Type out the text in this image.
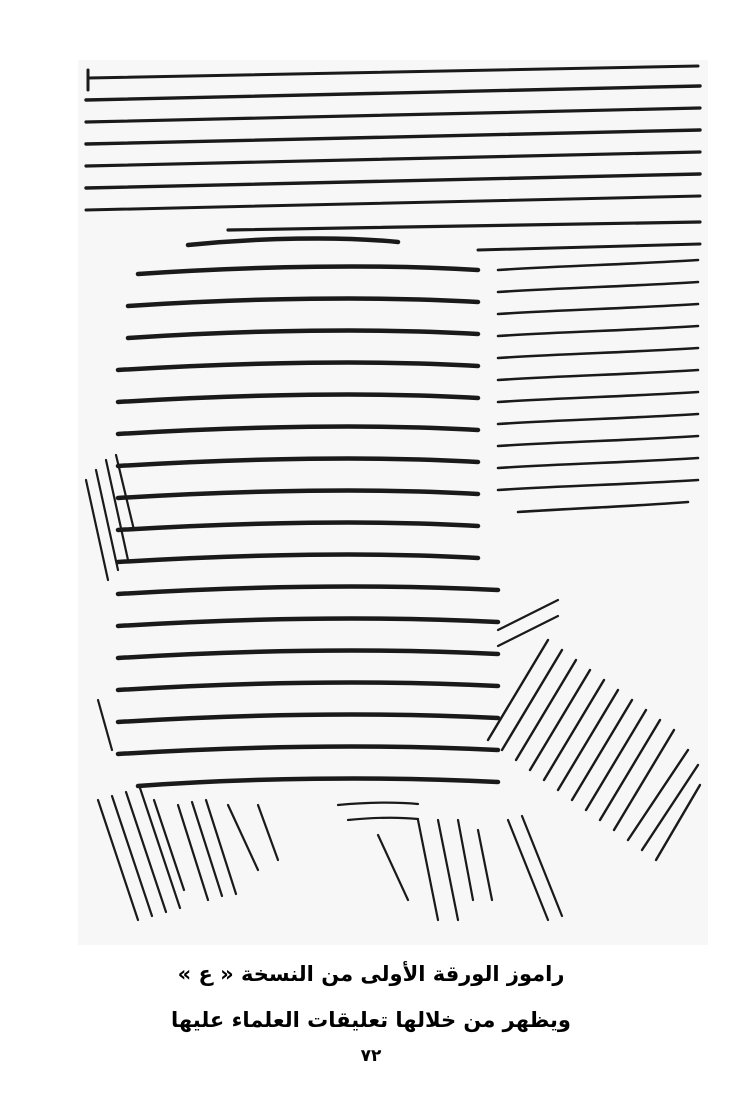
راموز الورقة الأولى من النسخة « ع »
ويظهر من خلالها تعليقات العلماء عليها
٧٢
